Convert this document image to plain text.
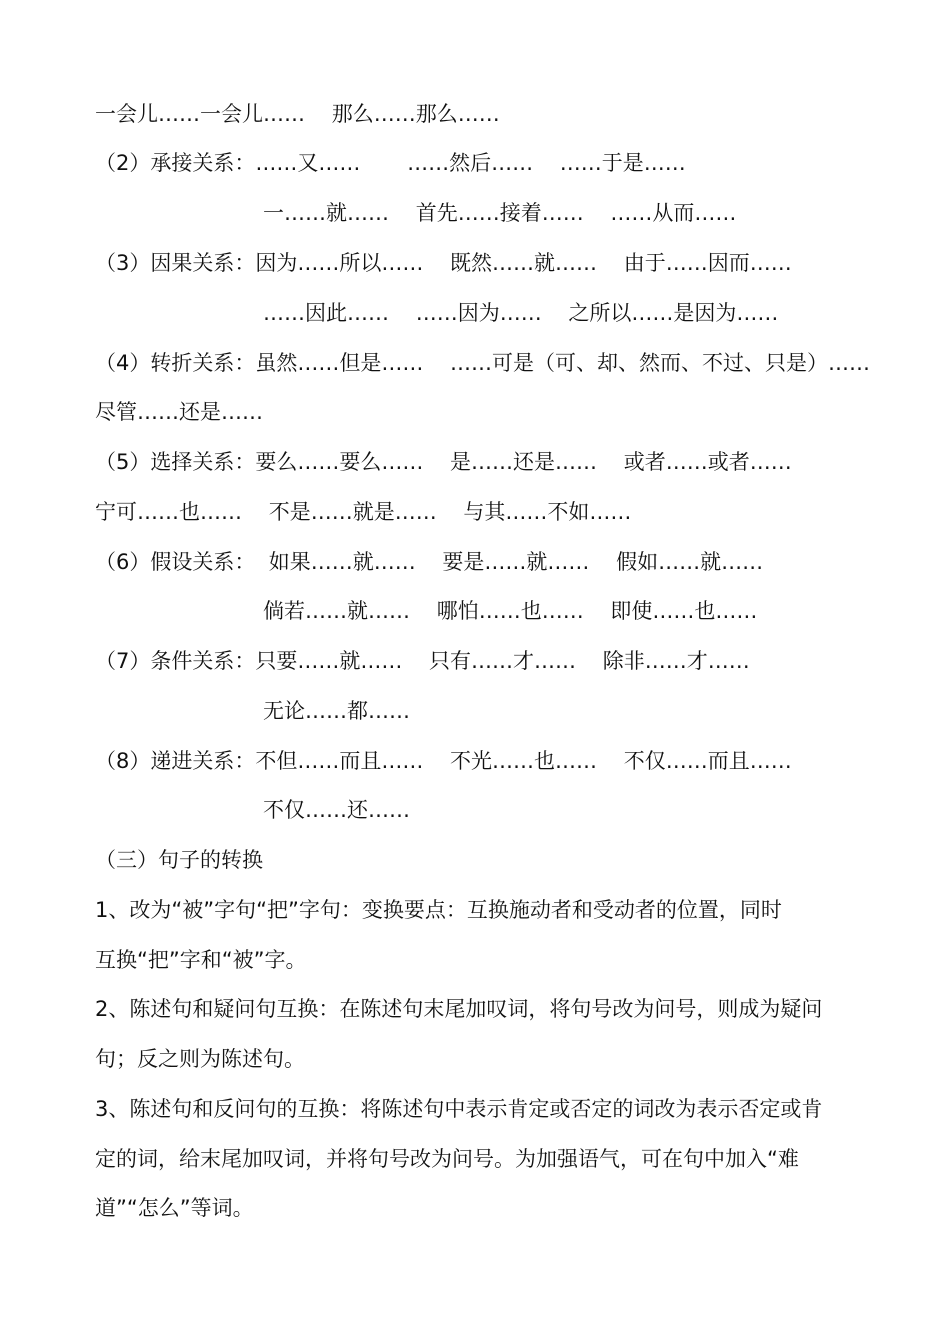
一会儿……一会儿……    那么……那么……
（2）承接关系：……又……       ……然后……    ……于是……
一……就……    首先……接着……    ……从而……
（3）因果关系：因为……所以……    既然……就……    由于……因而……
……因此……    ……因为……    之所以……是因为……
（4）转折关系：虽然……但是……    ……可是（可、却、然而、不过、只是）……
尽管……还是……
（5）选择关系：要么……要么……    是……还是……    或者……或者……
宁可……也……    不是……就是……    与其……不如……
（6）假设关系：  如果……就……    要是……就……    假如……就……
倘若……就……    哪怕……也……    即使……也……
（7）条件关系：只要……就……    只有……才……    除非……才……
无论……都……
（8）递进关系：不但……而且……    不光……也……    不仅……而且……
不仅……还……
（三）句子的转换
1、改为“被”字句“把”字句：变换要点：互换施动者和受动者的位置，同时
互换“把”字和“被”字。
2、陈述句和疑问句互换：在陈述句末尾加叹词，将句号改为问号，则成为疑问
句；反之则为陈述句。
3、陈述句和反问句的互换：将陈述句中表示肯定或否定的词改为表示否定或肯
定的词，给末尾加叹词，并将句号改为问号。为加强语气，可在句中加入“难
道”“怎么”等词。
